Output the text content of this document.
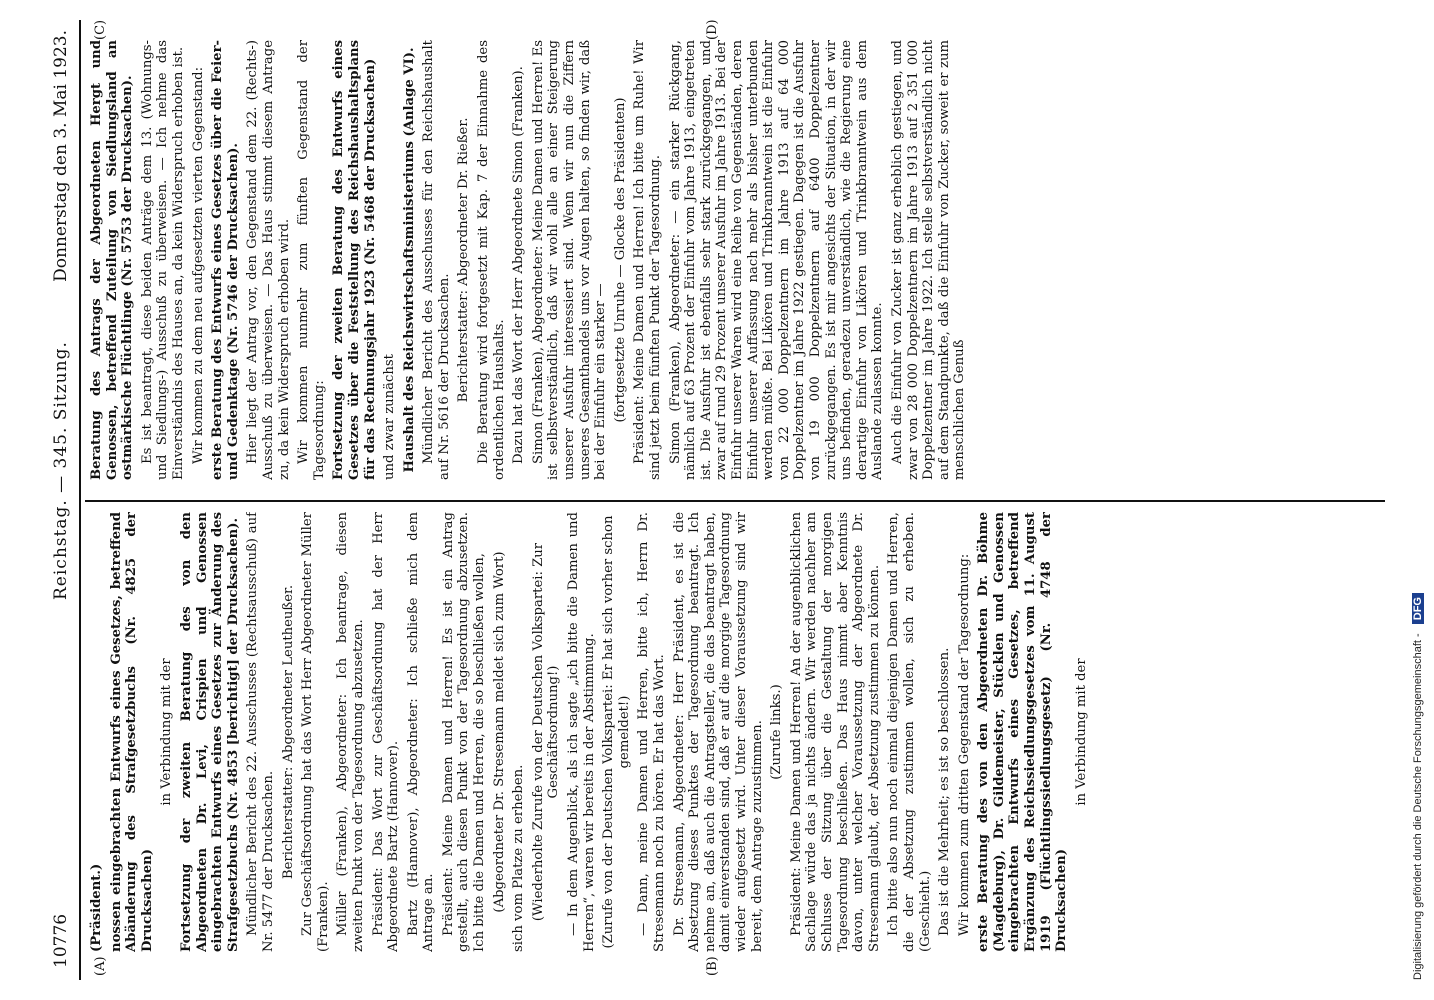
10776
Reichstag. — 345. Sitzung.
Donnerstag den 3. Mai 1923.
(A)	(B)
(C)	(D)

(Präsident.) nossen eingebrachten Entwurfs eines Gesetzes, betreffend Abänderung des Strafgesetzbuchs (Nr. 4825 der Drucksachen)

in Verbindung mit der Fortsetzung der zweiten Beratung des von den Abgeordneten Dr. Levi, Crispien und Genossen eingebrachten Entwurfs eines Gesetzes zur Änderung des Strafgesetzbuchs (Nr. 4853 [berichtigt] der Drucksachen). Mündlicher Bericht des 22. Ausschusses (Rechtsausschuß) auf Nr. 5477 der Drucksachen. Berichterstatter: Abgeordneter Leutheußer. Zur Geschäftsordnung hat das Wort Herr Abgeordneter Müller (Franken). Müller (Franken), Abgeordneter: Ich beantrage, diesen zweiten Punkt von der Tagesordnung abzusetzen. Präsident: Das Wort zur Geschäftsordnung hat der Herr Abgeordnete Bartz (Hannover). Bartz (Hannover), Abgeordneter: Ich schließe mich dem Antrage an. Präsident: Meine Damen und Herren! Es ist ein Antrag gestellt, auch diesen Punkt von der Tagesordnung abzusetzen. Ich bitte die Damen und Herren, die so beschließen wollen, (Abgeordneter Dr. Stresemann meldet sich zum Wort) sich vom Platze zu erheben. (Wiederholte Zurufe von der Deutschen Volkspartei: Zur Geschäftsordnung!) — In dem Augenblick, als ich sagte „ich bitte die Damen und Herren“, waren wir bereits in der Abstimmung. (Zurufe von der Deutschen Volkspartei: Er hat sich vorher schon gemeldet!) — Dann, meine Damen und Herren, bitte ich, Herrn Dr. Stresemann noch zu hören. Er hat das Wort. Dr. Stresemann, Abgeordneter: Herr Präsident, es ist die Absetzung dieses Punktes der Tagesordnung beantragt. Ich nehme an, daß auch die Antragsteller, die das beantragt haben, damit einverstanden sind, daß er auf die morgige Tagesordnung wieder aufgesetzt wird. Unter dieser Voraussetzung sind wir bereit, dem Antrage zuzustimmen. (Zurufe links.) Präsident: Meine Damen und Herren! An der augenblicklichen Sachlage würde das ja nichts ändern. Wir werden nachher am Schlusse der Sitzung über die Gestaltung der morgigen Tagesordnung beschließen. Das Haus nimmt aber Kenntnis davon, unter welcher Voraussetzung der Abgeordnete Dr. Stresemann glaubt, der Absetzung zustimmen zu können. Ich bitte also nun noch einmal diejenigen Damen und Herren, die der Absetzung zustimmen wollen, sich zu erheben. (Geschieht.) Das ist die Mehrheit; es ist so beschlossen. Wir kommen zum dritten Gegenstand der Tagesordnung: erste Beratung des von den Abgeordneten Dr. Böhme (Magdeburg), Dr. Gildemeister, Stücklen und Genossen eingebrachten Entwurfs eines Gesetzes, betreffend Ergänzung des Reichssiedlungsgesetzes vom 11. August 1919 (Flüchtlingssiedlungsgesetz) (Nr. 4748 der Drucksachen)

in Verbindung mit der

Beratung des Antrags der Abgeordneten Hergt und Genossen, betreffend Zuteilung von Siedlungsland an ostmärkische Flüchtlinge (Nr. 5753 der Drucksachen). Es ist beantragt, diese beiden Anträge dem 13. (Wohnungs- und Siedlungs-) Ausschuß zu überweisen. — Ich nehme das Einverständnis des Hauses an, da kein Widerspruch erhoben ist. Wir kommen zu dem neu aufgesetzten vierten Gegenstand: erste Beratung des Entwurfs eines Gesetzes über die Feier- und Gedenktage (Nr. 5746 der Drucksachen). Hier liegt der Antrag vor, den Gegenstand dem 22. (Rechts-) Ausschuß zu überweisen. — Das Haus stimmt diesem Antrage zu, da kein Widerspruch erhoben wird. Wir kommen nunmehr zum fünften Gegenstand der Tagesordnung: Fortsetzung der zweiten Beratung des Entwurfs eines Gesetzes über die Feststellung des Reichshaushaltsplans für das Rechnungsjahr 1923 (Nr. 5468 der Drucksachen) und zwar zunächst Haushalt des Reichswirtschaftsministeriums (Anlage VI). Mündlicher Bericht des Ausschusses für den Reichshaushalt auf Nr. 5616 der Drucksachen. Berichterstatter: Abgeordneter Dr. Rießer. Die Beratung wird fortgesetzt mit Kap. 7 der Einnahme des ordentlichen Haushalts. Dazu hat das Wort der Herr Abgeordnete Simon (Franken). Simon (Franken), Abgeordneter: Meine Damen und Herren! Es ist selbstverständlich, daß wir wohl alle an einer Steigerung unserer Ausfuhr interessiert sind. Wenn wir nun die Ziffern unseres Gesamthandels uns vor Augen halten, so finden wir, daß bei der Einfuhr ein starker — (fortgesetzte Unruhe — Glocke des Präsidenten) Präsident: Meine Damen und Herren! Ich bitte um Ruhe! Wir sind jetzt beim fünften Punkt der Tagesordnung. Simon (Franken), Abgeordneter: — ein starker Rückgang, nämlich auf 63 Prozent der Einfuhr vom Jahre 1913, eingetreten ist. Die Ausfuhr ist ebenfalls sehr stark zurückgegangen, und zwar auf rund 29 Prozent unserer Ausfuhr im Jahre 1913. Bei der Einfuhr unserer Waren wird eine Reihe von Gegenständen, deren Einfuhr unserer Auffassung nach mehr als bisher unterbunden werden müßte. Bei Likören und Trinkbranntwein ist die Einfuhr von 22 000 Doppelzentnern im Jahre 1913 auf 64 000 Doppelzentner im Jahre 1922 gestiegen. Dagegen ist die Ausfuhr von 19 000 Doppelzentnern auf 6400 Doppelzentner zurückgegangen. Es ist mir angesichts der Situation, in der wir uns befinden, geradezu unverständlich, wie die Regierung eine derartige Einfuhr von Likören und Trinkbranntwein aus dem Auslande zulassen konnte. Auch die Einfuhr von Zucker ist ganz erheblich gestiegen, und zwar von 28 000 Doppelzentnern im Jahre 1913 auf 2 351 000 Doppelzentner im Jahre 1922. Ich stelle selbstverständlich nicht auf dem Standpunkte, daß die Einfuhr von Zucker, soweit er zum menschlichen Genuß

Digitalisierung gefördert durch die Deutsche Forschungsgemeinschaft - DFG
